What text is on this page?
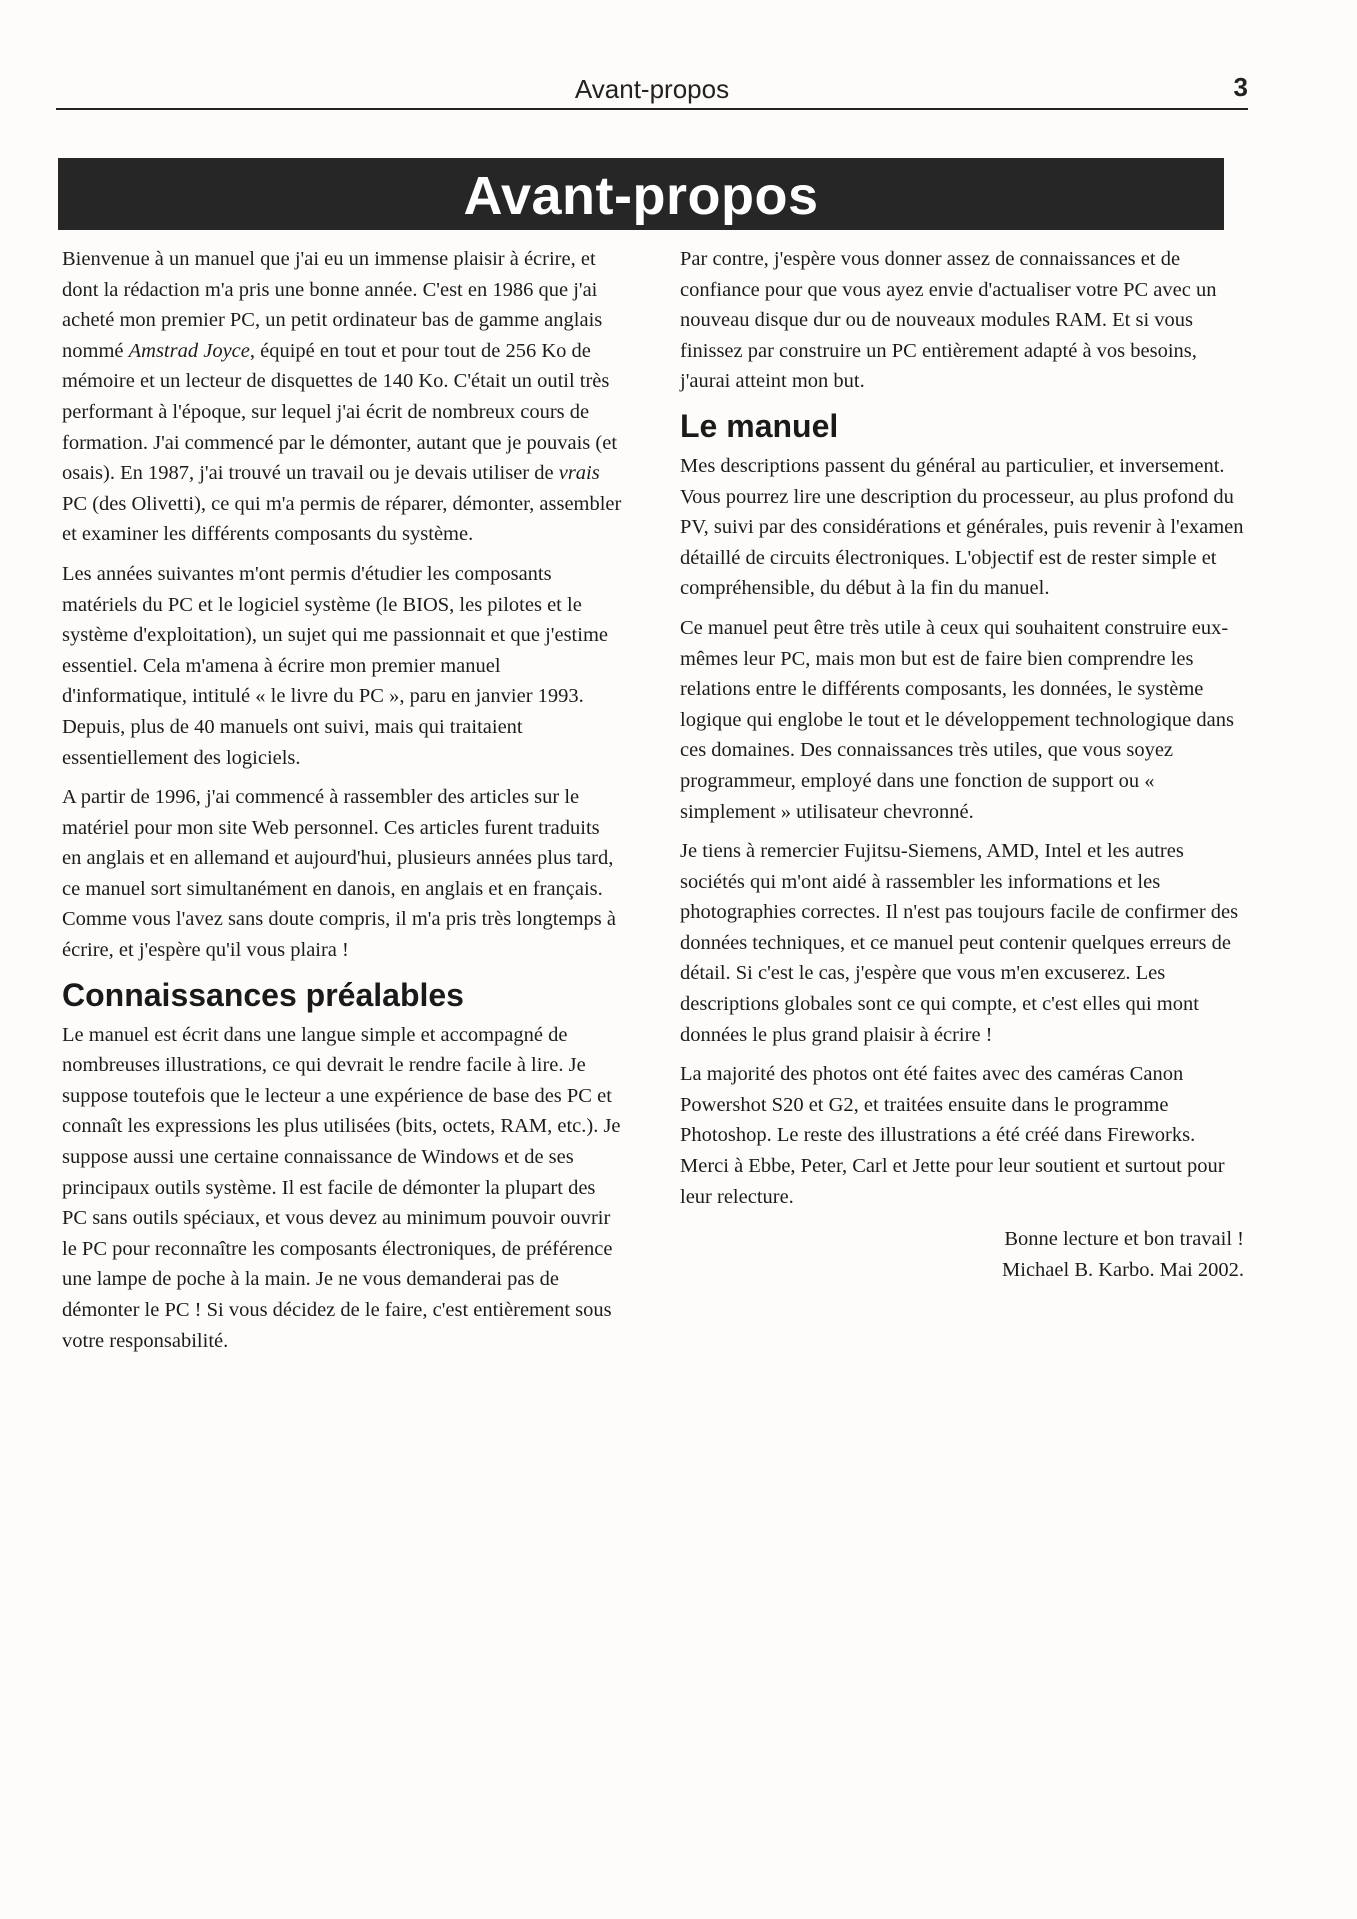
Avant-propos	3
Avant-propos

Bienvenue à un manuel que j'ai eu un immense plaisir à écrire, et dont la rédaction m'a pris une bonne année. C'est en 1986 que j'ai acheté mon premier PC, un petit ordinateur bas de gamme anglais nommé Amstrad Joyce, équipé en tout et pour tout de 256 Ko de mémoire et un lecteur de disquettes de 140 Ko. C'était un outil très performant à l'époque, sur lequel j'ai écrit de nombreux cours de formation. J'ai commencé par le démonter, autant que je pouvais (et osais). En 1987, j'ai trouvé un travail ou je devais utiliser de vrais PC (des Olivetti), ce qui m'a permis de réparer, démonter, assembler et examiner les différents composants du système.

Les années suivantes m'ont permis d'étudier les composants matériels du PC et le logiciel système (le BIOS, les pilotes et le système d'exploitation), un sujet qui me passionnait et que j'estime essentiel. Cela m'amena à écrire mon premier manuel d'informatique, intitulé « le livre du PC », paru en janvier 1993. Depuis, plus de 40 manuels ont suivi, mais qui traitaient essentiellement des logiciels.

A partir de 1996, j'ai commencé à rassembler des articles sur le matériel pour mon site Web personnel. Ces articles furent traduits en anglais et en allemand et aujourd'hui, plusieurs années plus tard, ce manuel sort simultanément en danois, en anglais et en français. Comme vous l'avez sans doute compris, il m'a pris très longtemps à écrire, et j'espère qu'il vous plaira !

Connaissances préalables

Le manuel est écrit dans une langue simple et accompagné de nombreuses illustrations, ce qui devrait le rendre facile à lire. Je suppose toutefois que le lecteur a une expérience de base des PC et connaît les expressions les plus utilisées (bits, octets, RAM, etc.). Je suppose aussi une certaine connaissance de Windows et de ses principaux outils système. Il est facile de démonter la plupart des PC sans outils spéciaux, et vous devez au minimum pouvoir ouvrir le PC pour reconnaître les composants électroniques, de préférence une lampe de poche à la main. Je ne vous demanderai pas de démonter le PC ! Si vous décidez de le faire, c'est entièrement sous votre responsabilité.

Par contre, j'espère vous donner assez de connaissances et de confiance pour que vous ayez envie d'actualiser votre PC avec un nouveau disque dur ou de nouveaux modules RAM. Et si vous finissez par construire un PC entièrement adapté à vos besoins, j'aurai atteint mon but.

Le manuel

Mes descriptions passent du général au particulier, et inversement. Vous pourrez lire une description du processeur, au plus profond du PV, suivi par des considérations et générales, puis revenir à l'examen détaillé de circuits électroniques. L'objectif est de rester simple et compréhensible, du début à la fin du manuel.

Ce manuel peut être très utile à ceux qui souhaitent construire eux-mêmes leur PC, mais mon but est de faire bien comprendre les relations entre le différents composants, les données, le système logique qui englobe le tout et le développement technologique dans ces domaines. Des connaissances très utiles, que vous soyez programmeur, employé dans une fonction de support ou « simplement » utilisateur chevronné.

Je tiens à remercier Fujitsu-Siemens, AMD, Intel et les autres sociétés qui m'ont aidé à rassembler les informations et les photographies correctes. Il n'est pas toujours facile de confirmer des données techniques, et ce manuel peut contenir quelques erreurs de détail. Si c'est le cas, j'espère que vous m'en excuserez. Les descriptions globales sont ce qui compte, et c'est elles qui mont données le plus grand plaisir à écrire !

La majorité des photos ont été faites avec des caméras Canon Powershot S20 et G2, et traitées ensuite dans le programme Photoshop. Le reste des illustrations a été créé dans Fireworks. Merci à Ebbe, Peter, Carl et Jette pour leur soutient et surtout pour leur relecture.

Bonne lecture et bon travail !
Michael B. Karbo. Mai 2002.
